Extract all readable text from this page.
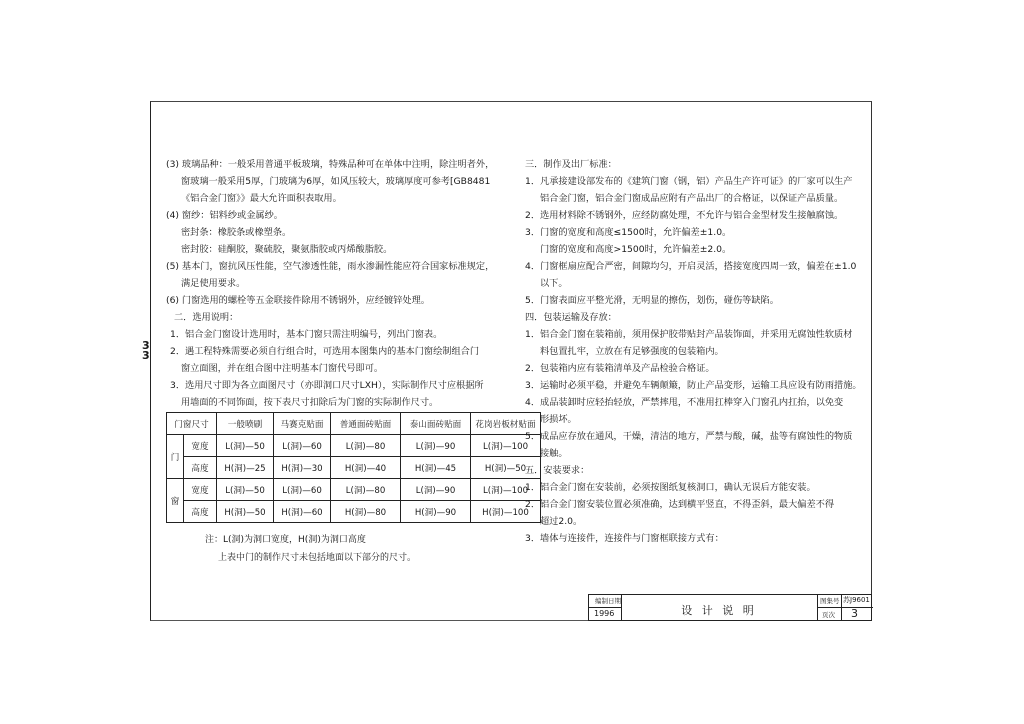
3
3
(3) 玻璃品种：一般采用普通平板玻璃，特殊品种可在单体中注明，除注明者外，
窗玻璃一般采用5厚，门玻璃为6厚，如风压较大，玻璃厚度可参考[GB8481
《铝合金门窗》》最大允许面积表取用。
(4) 窗纱：铝料纱或金属纱。
密封条：橡胶条或橡塑条。
密封胶：硅酮胶，聚硫胶，聚氨脂胶或丙烯酸脂胶。
(5) 基本门，窗抗风压性能，空气渗透性能，雨水渗漏性能应符合国家标准规定，
满足使用要求。
(6) 门窗选用的螺栓等五金联接件除用不锈钢外，应经镀锌处理。
二．选用说明：
1．铝合金门窗设计选用时，基本门窗只需注明编号，列出门窗表。
2．遇工程特殊需要必须自行组合时，可选用本图集内的基本门窗绘制组合门
窗立面图，并在组合图中注明基本门窗代号即可。
3．选用尺寸即为各立面图尺寸（亦即洞口尺寸LXH），实际制作尺寸应根据所
用墙面的不同饰面，按下表尺寸扣除后为门窗的实际制作尺寸。
门窗尺寸		一般喷刷	马赛克贴面	普通面砖贴面	泰山面砖贴面	花岗岩板材贴面
门	宽度	L(洞)—50	L(洞)—60	L(洞)—80	L(洞)—90	L(洞)—100
	高度	H(洞)—25	H(洞)—30	H(洞)—40	H(洞)—45	H(洞)—50
窗	宽度	L(洞)—50	L(洞)—60	L(洞)—80	L(洞)—90	L(洞)—100
	高度	H(洞)—50	H(洞)—60	H(洞)—80	H(洞)—90	H(洞)—100
注：L(洞)为洞口宽度，H(洞)为洞口高度
上表中门的制作尺寸未包括地面以下部分的尺寸。
三．制作及出厂标准：
1．凡承接建设部发布的《建筑门窗（钢，铝）产品生产许可证》的厂家可以生产
铝合金门窗，铝合金门窗成品应附有产品出厂的合格证，以保证产品质量。
2．选用材料除不锈钢外，应经防腐处理，不允许与铝合金型材发生接触腐蚀。
3．门窗的宽度和高度≤1500时，允许偏差±1.0。
门窗的宽度和高度>1500时，允许偏差±2.0。
4．门窗框扇应配合严密，间隙均匀，开启灵活，搭接宽度四周一致，偏差在±1.0
以下。
5．门窗表面应平整光滑，无明显的擦伤，划伤，碰伤等缺陷。
四．包装运输及存放：
1．铝合金门窗在装箱前，须用保护胶带贴封产品装饰面，并采用无腐蚀性软质材
料包置扎牢，立放在有足够强度的包装箱内。
2．包装箱内应有装箱清单及产品检验合格证。
3．运输时必须平稳，并避免车辆颠簸，防止产品变形，运输工具应设有防雨措施。
4．成品装卸时应轻抬轻放，严禁摔甩，不准用扛棒穿入门窗孔内扛抬，以免变
形损坏。
5．成品应存放在通风，干燥，清洁的地方，严禁与酸，碱，盐等有腐蚀性的物质
接触。
五．安装要求：
1．铝合金门窗在安装前，必须按图纸复核洞口，确认无误后方能安装。
2．铝合金门窗安装位置必须准确，达到横平竖直，不得歪斜，最大偏差不得
超过2.0。
3．墙体与连接件，连接件与门窗框联接方式有：
编制日期
1996	设 计 说 明
图集号 苏J9601
页次 3
